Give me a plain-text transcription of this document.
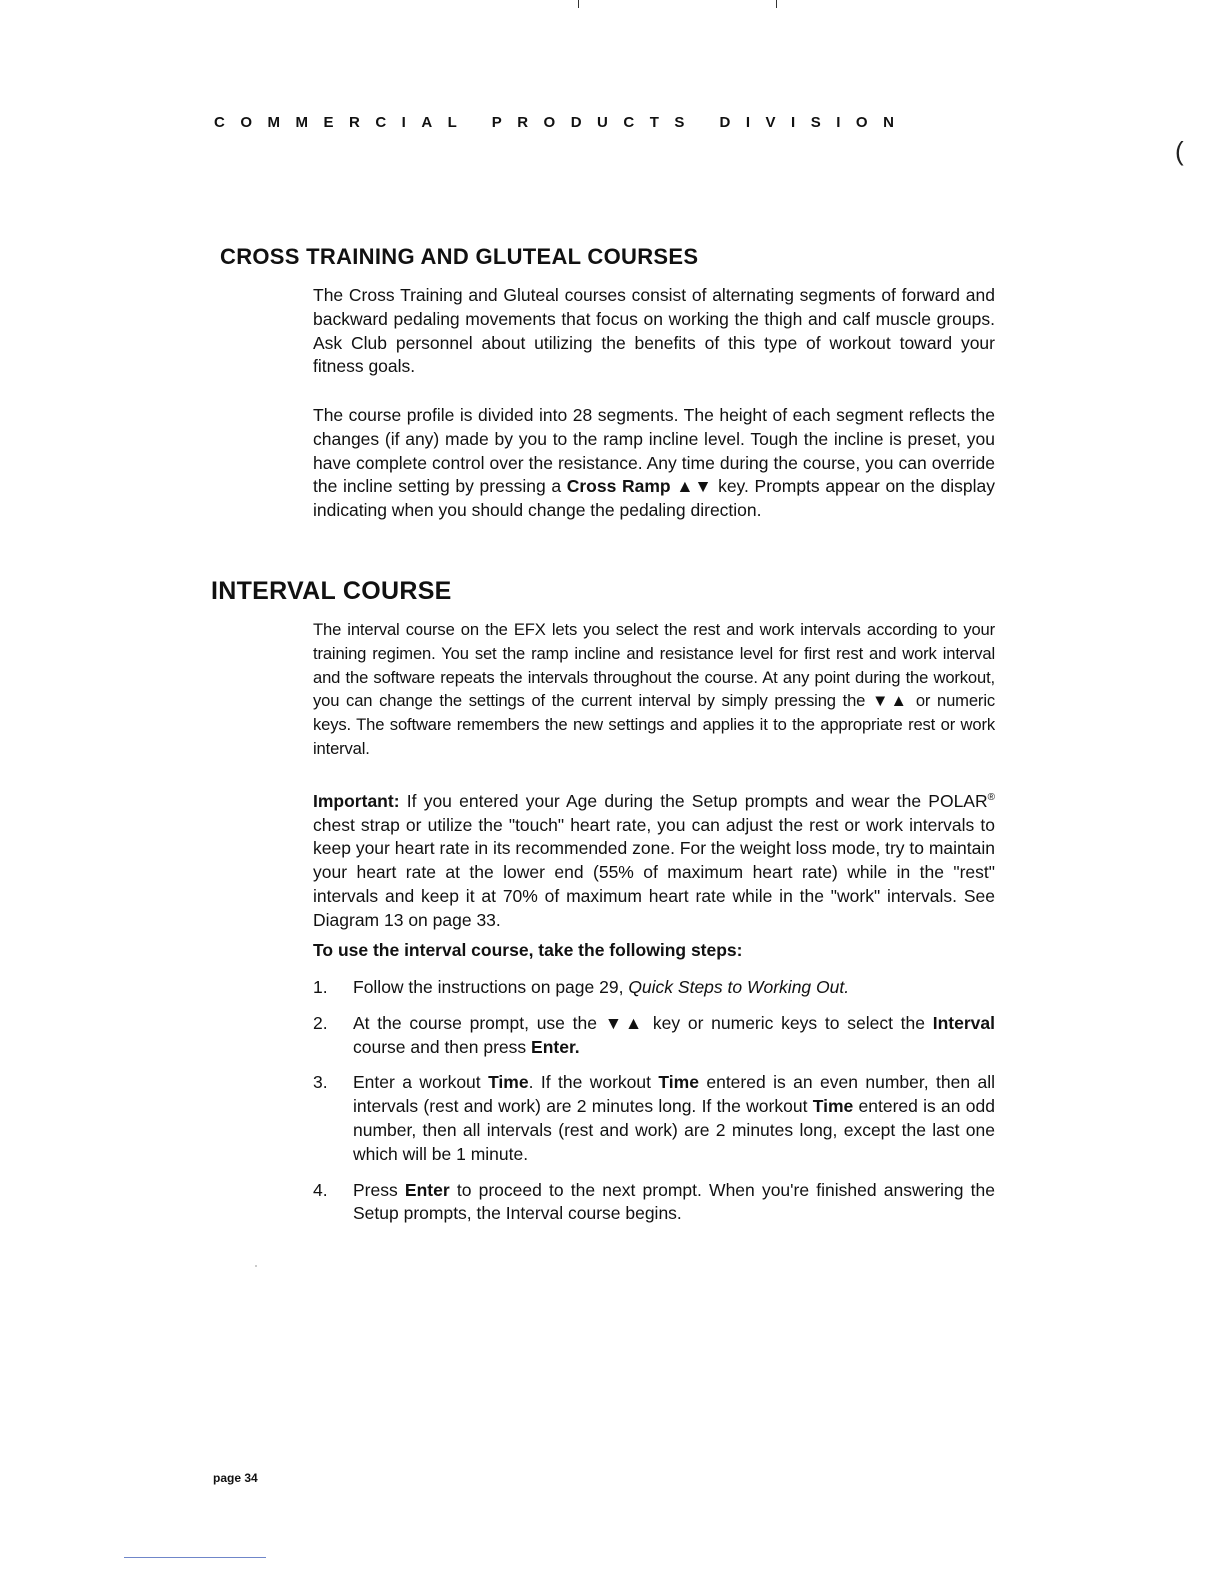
COMMERCIAL PRODUCTS DIVISION
(
CROSS TRAINING AND GLUTEAL COURSES

The Cross Training and Gluteal courses consist of alternating segments of forward and backward pedaling movements that focus on working the thigh and calf muscle groups. Ask Club personnel about utilizing the benefits of this type of workout toward your fitness goals.

The course profile is divided into 28 segments. The height of each segment reflects the changes (if any) made by you to the ramp incline level. Tough the incline is preset, you have complete control over the resistance. Any time during the course, you can override the incline setting by pressing a Cross Ramp ▲▼ key. Prompts appear on the display indicating when you should change the pedaling direction.

INTERVAL COURSE

The interval course on the EFX lets you select the rest and work intervals according to your training regimen. You set the ramp incline and resistance level for first rest and work interval and the software repeats the intervals throughout the course. At any point during the workout, you can change the settings of the current interval by simply pressing the ▼▲ or numeric keys. The software remembers the new settings and applies it to the appropriate rest or work interval.

Important: If you entered your Age during the Setup prompts and wear the POLAR® chest strap or utilize the "touch" heart rate, you can adjust the rest or work intervals to keep your heart rate in its recommended zone. For the weight loss mode, try to maintain your heart rate at the lower end (55% of maximum heart rate) while in the "rest" intervals and keep it at 70% of maximum heart rate while in the "work" intervals. See Diagram 13 on page 33.

To use the interval course, take the following steps:

1.	Follow the instructions on page 29, Quick Steps to Working Out.
2.	At the course prompt, use the ▼▲ key or numeric keys to select the Interval course and then press Enter.
3.	Enter a workout Time. If the workout Time entered is an even number, then all intervals (rest and work) are 2 minutes long. If the workout Time entered is an odd number, then all intervals (rest and work) are 2 minutes long, except the last one which will be 1 minute.
4.	Press Enter to proceed to the next prompt. When you're finished answering the Setup prompts, the Interval course begins.
page 34
